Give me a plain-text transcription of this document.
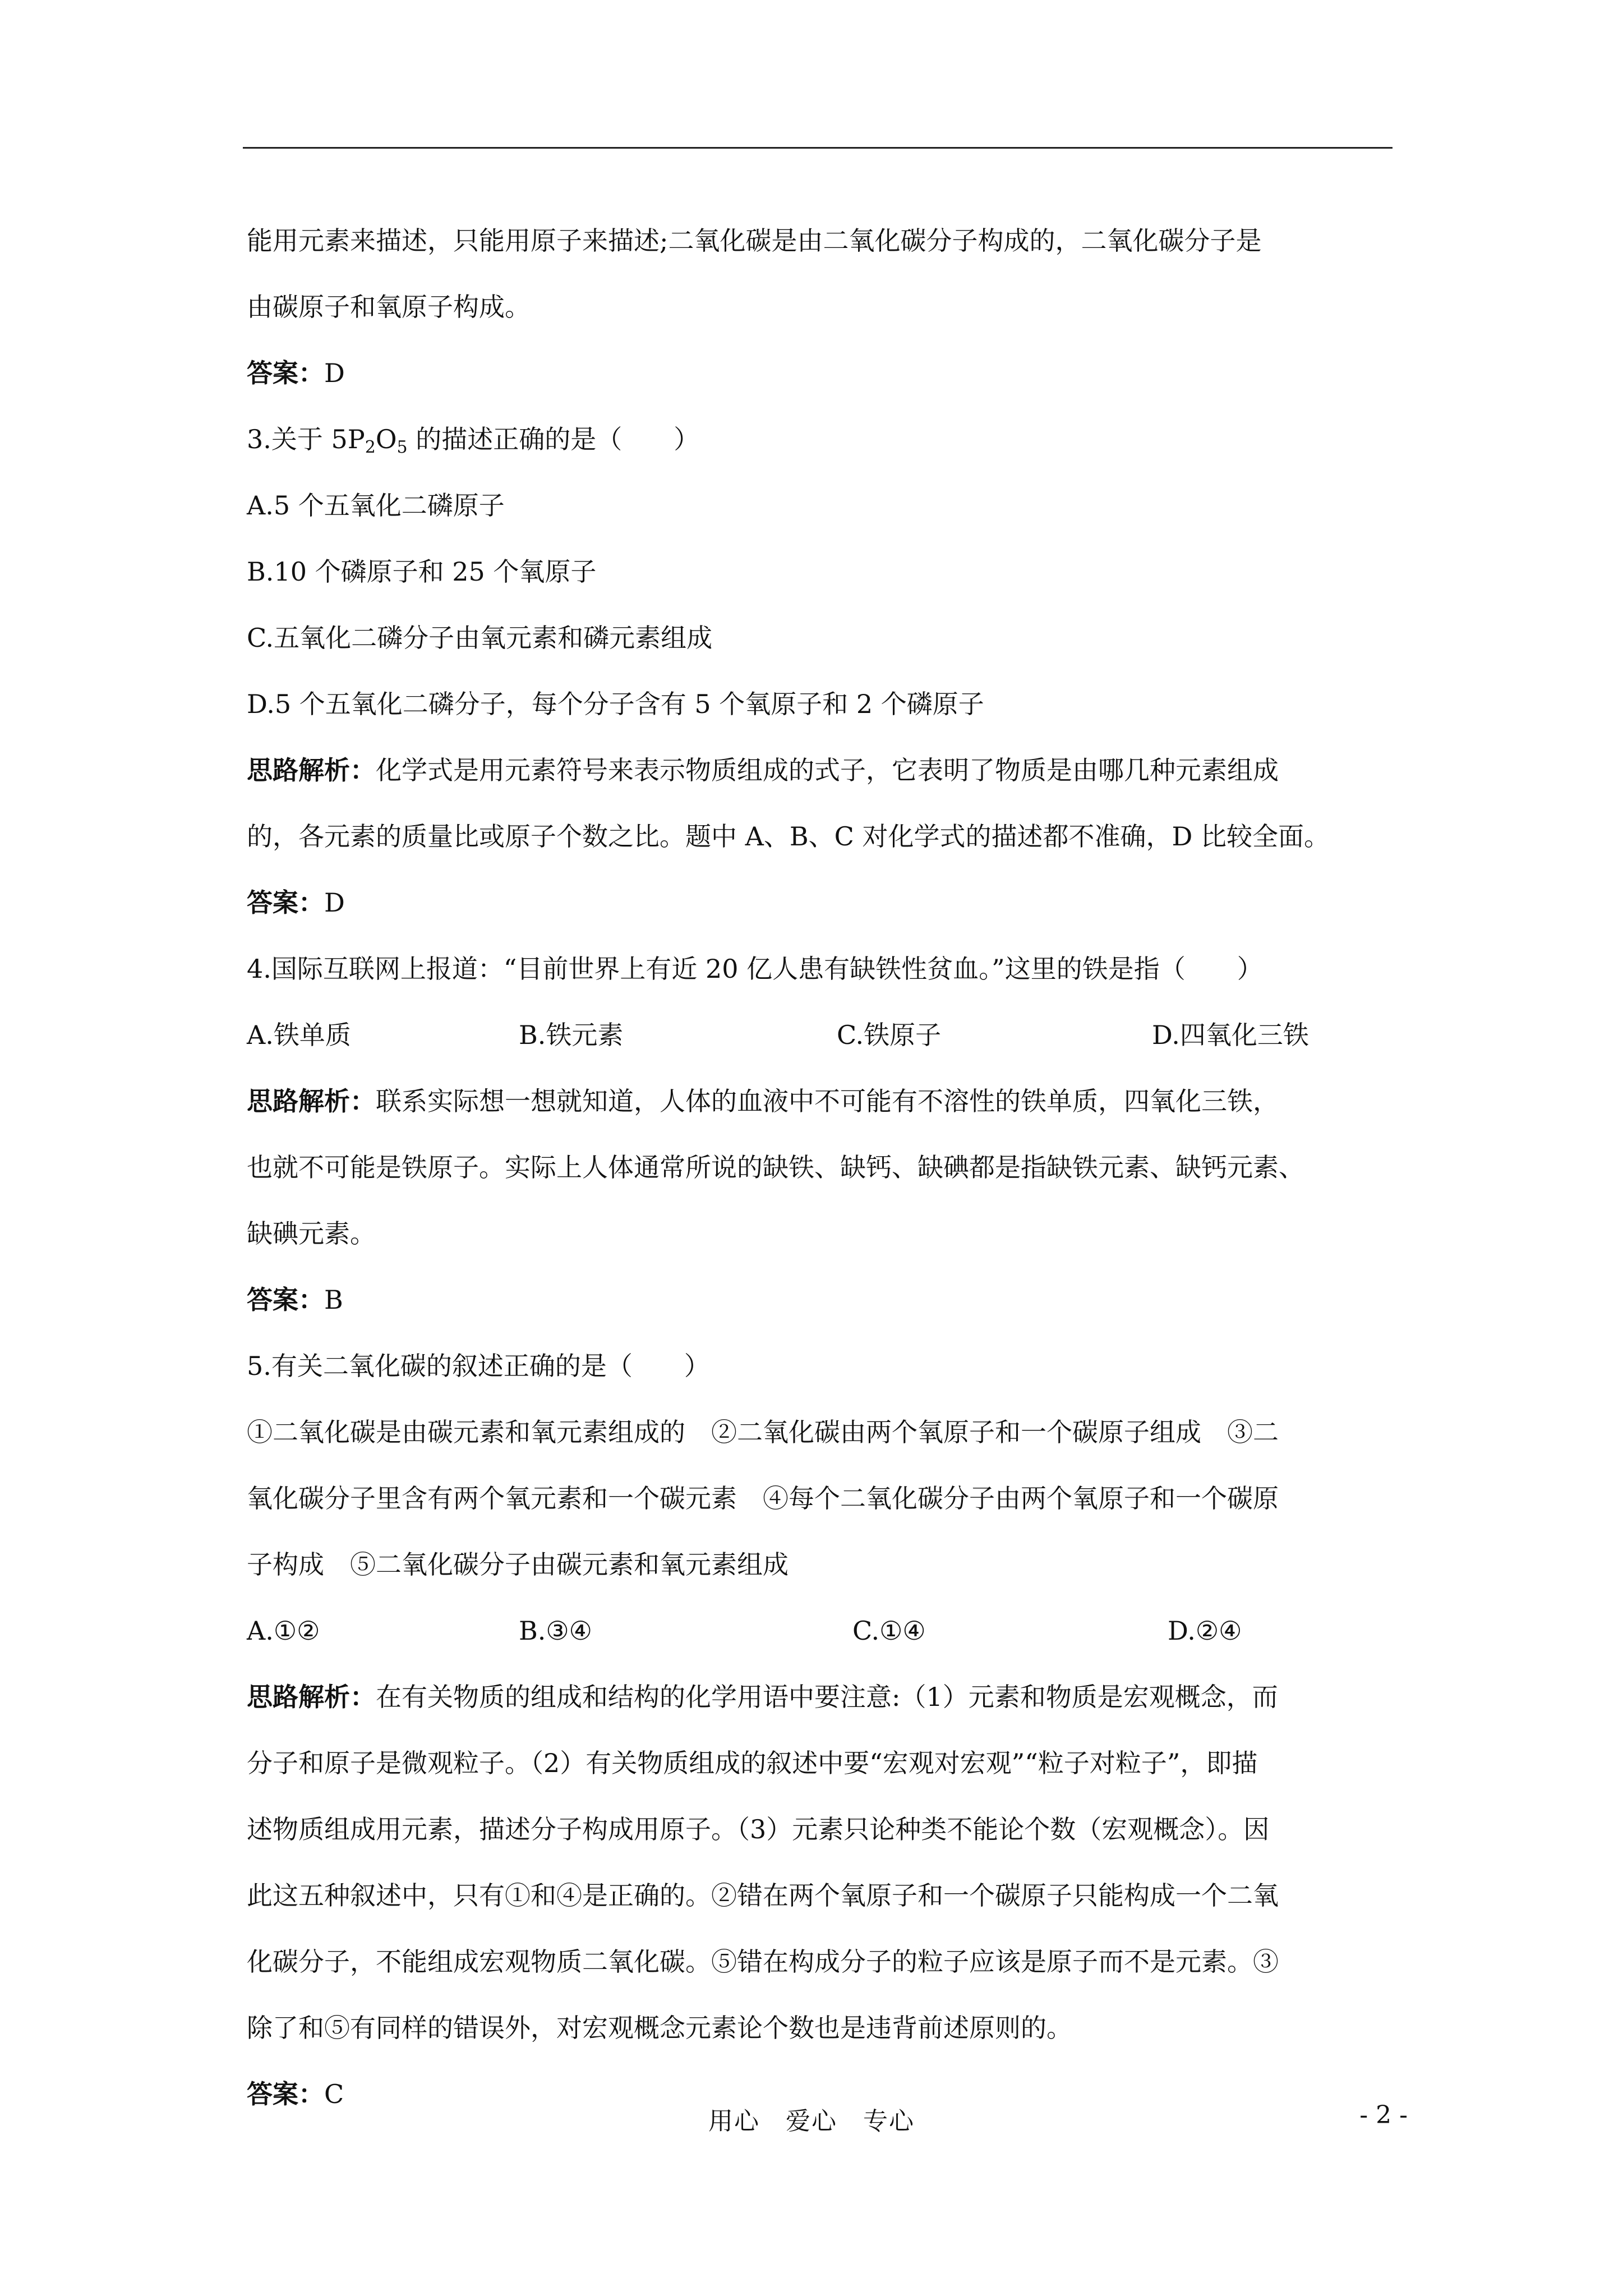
能用元素来描述，只能用原子来描述;二氧化碳是由二氧化碳分子构成的，二氧化碳分子是
由碳原子和氧原子构成。
答案：D
3.关于 $5P_2O_5$ 的描述正确的是（　　）
A.5 个五氧化二磷原子
B.10 个磷原子和 25 个氧原子
C.五氧化二磷分子由氧元素和磷元素组成
D.5 个五氧化二磷分子，每个分子含有 5 个氧原子和 2 个磷原子
思路解析：化学式是用元素符号来表示物质组成的式子，它表明了物质是由哪几种元素组成
的，各元素的质量比或原子个数之比。题中 A、B、C 对化学式的描述都不准确，D 比较全面。
答案：D
4.国际互联网上报道：“目前世界上有近 20 亿人患有缺铁性贫血。”这里的铁是指（　　）
A.铁单质	B.铁元素	C.铁原子	D.四氧化三铁
思路解析：联系实际想一想就知道，人体的血液中不可能有不溶性的铁单质，四氧化三铁，
也就不可能是铁原子。实际上人体通常所说的缺铁、缺钙、缺碘都是指缺铁元素、缺钙元素、
缺碘元素。
答案：B
5.有关二氧化碳的叙述正确的是（　　）
①二氧化碳是由碳元素和氧元素组成的　②二氧化碳由两个氧原子和一个碳原子组成　③二
氧化碳分子里含有两个氧元素和一个碳元素　④每个二氧化碳分子由两个氧原子和一个碳原
子构成　⑤二氧化碳分子由碳元素和氧元素组成
A.①②	B.③④	C.①④	D.②④
思路解析：在有关物质的组成和结构的化学用语中要注意:（1）元素和物质是宏观概念，而
分子和原子是微观粒子。（2）有关物质组成的叙述中要“宏观对宏观”“粒子对粒子”，即描
述物质组成用元素，描述分子构成用原子。（3）元素只论种类不能论个数（宏观概念）。因
此这五种叙述中，只有①和④是正确的。②错在两个氧原子和一个碳原子只能构成一个二氧
化碳分子，不能组成宏观物质二氧化碳。⑤错在构成分子的粒子应该是原子而不是元素。③
除了和⑤有同样的错误外，对宏观概念元素论个数也是违背前述原则的。
答案：C
用心　爱心　专心	- 2 -
